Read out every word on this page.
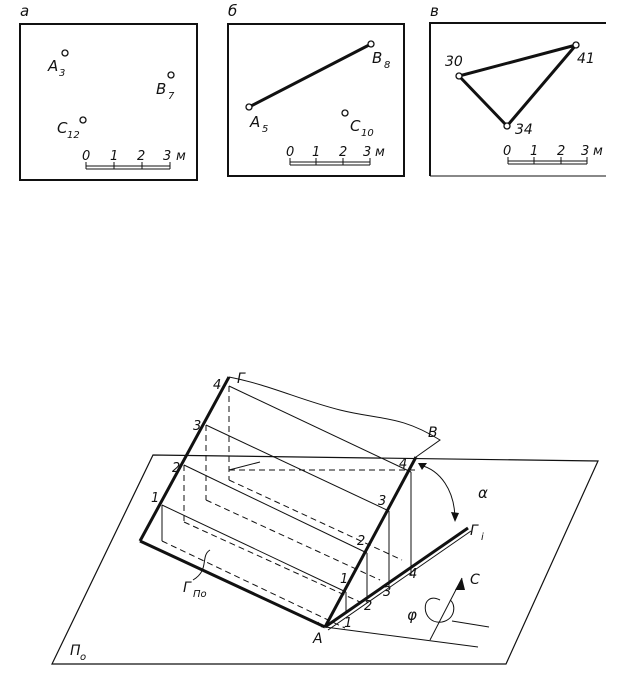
а
A 3
B 7
C 12
0 1 2 3 м
б
A 5
B 8
C 10
0 1 2 3 м
в
30	41
34
0 1 2 3 м
Г
B
A
α
φ
С
Г i
Г По
П о
1
2
3
4
1
2
3
4
1
2
3
4
